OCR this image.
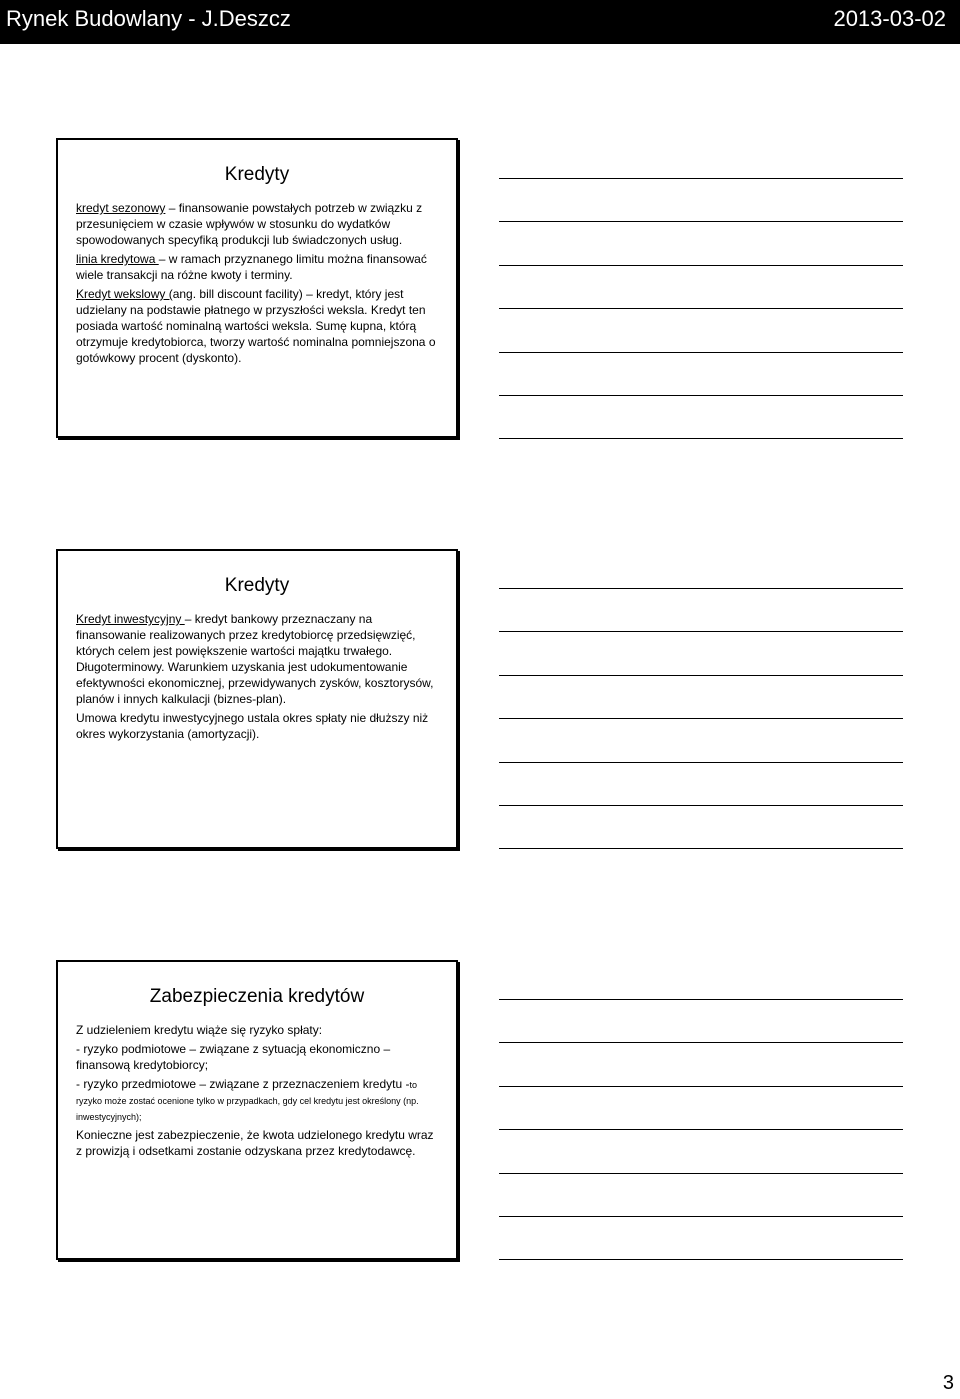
Rynek Budowlany - J.Deszcz	2013-03-02
Kredyty

kredyt sezonowy – finansowanie powstałych potrzeb w związku z przesunięciem w czasie wpływów w stosunku do wydatków spowodowanych specyfiką produkcji lub świadczonych usług.

linia kredytowa – w ramach przyznanego limitu można finansować wiele transakcji na różne kwoty i terminy.

Kredyt wekslowy (ang. bill discount facility) – kredyt, który jest udzielany na podstawie płatnego w przyszłości weksla. Kredyt ten posiada wartość nominalną wartości weksla. Sumę kupna, którą otrzymuje kredytobiorca, tworzy wartość nominalna pomniejszona o gotówkowy procent (dyskonto).

Kredyty

Kredyt inwestycyjny – kredyt bankowy przeznaczany na finansowanie realizowanych przez kredytobiorcę przedsięwzięć, których celem jest powiększenie wartości majątku trwałego. Długoterminowy. Warunkiem uzyskania jest udokumentowanie efektywności ekonomicznej, przewidywanych zysków, kosztorysów, planów i innych kalkulacji (biznes-plan).

Umowa kredytu inwestycyjnego ustala okres spłaty nie dłuższy niż okres wykorzystania (amortyzacji).

Zabezpieczenia kredytów

Z udzieleniem kredytu wiąże się ryzyko spłaty:

- ryzyko podmiotowe – związane z sytuacją ekonomiczno – finansową kredytobiorcy;

- ryzyko przedmiotowe – związane z przeznaczeniem kredytu -to ryzyko może zostać ocenione tylko w przypadkach, gdy cel kredytu jest określony (np. inwestycyjnych);

Konieczne jest zabezpieczenie, że kwota udzielonego kredytu wraz z prowizją i odsetkami zostanie odzyskana przez kredytodawcę.

3
